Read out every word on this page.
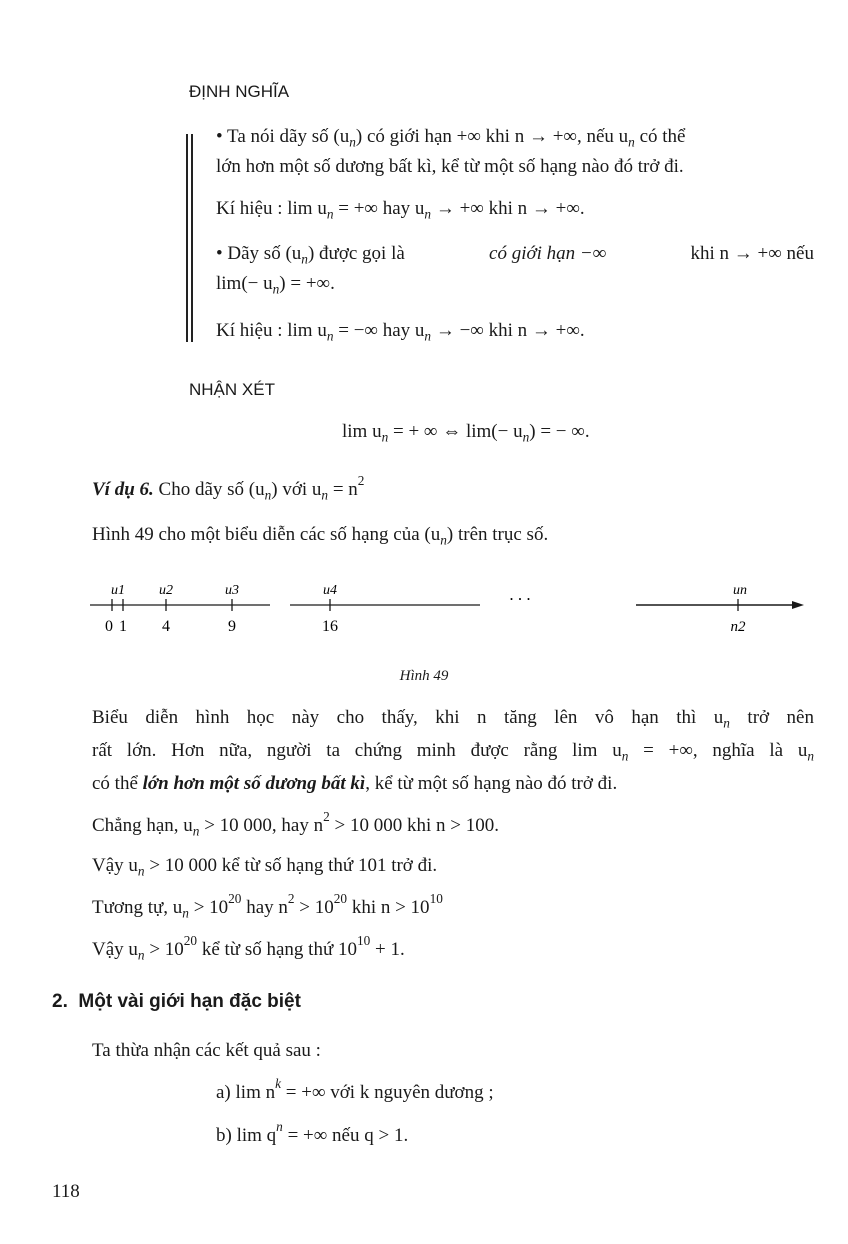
ĐỊNH NGHĨA
• Ta nói dãy số $(u_n)$ có giới hạn +∞ khi n → +∞, nếu $u_n$ có thể
lớn hơn một số dương bất kì, kể từ một số hạng nào đó trở đi.
Kí hiệu : $\lim u_n$ = +∞ hay $u_n$ → +∞ khi n → +∞.
• Dãy số $(u_n)$ được gọi là	có giới hạn −∞	khi n → +∞ nếu
$\lim(- u_n)$ = +∞.
Kí hiệu : $\lim u_n$ = −∞ hay $u_n$ → −∞ khi n → +∞.
NHẬN XÉT
$\lim u_n$ = + ∞ ⇔ $\lim(- u_n)$ = − ∞.
Ví dụ 6. Cho dãy số $(u_n)$ với $u_n = n^2$
Hình 49 cho một biểu diễn các số hạng của $(u_n)$ trên trục số.
u1 u2	u3	u4	un
. . .
0 1 4	9	16	n2
Hình 49
Biểu diễn hình học này cho thấy, khi n tăng lên vô hạn thì $u_n$ trở nên
rất lớn. Hơn nữa, người ta chứng minh được rằng $\lim u_n$ = +∞, nghĩa là $u_n$
có thể lớn hơn một số dương bất kì, kể từ một số hạng nào đó trở đi.
Chẳng hạn, $u_n > 10$ 000, hay $n^2 > 10$ 000 khi n > 100.
Vậy $u_n > 10$ 000 kể từ số hạng thứ 101 trở đi.
Tương tự, $u_n > 10^{20}$ hay $n^2 > 10^{20}$ khi $n > 10^{10}$
Vậy $u_n > 10^{20}$ kể từ số hạng thứ $10^{10} + 1$.
2.  Một vài giới hạn đặc biệt
Ta thừa nhận các kết quả sau :
a) $\lim n^k$ = +∞ với k nguyên dương ;
b) $\lim q^n$ = +∞ nếu q > 1.
118
